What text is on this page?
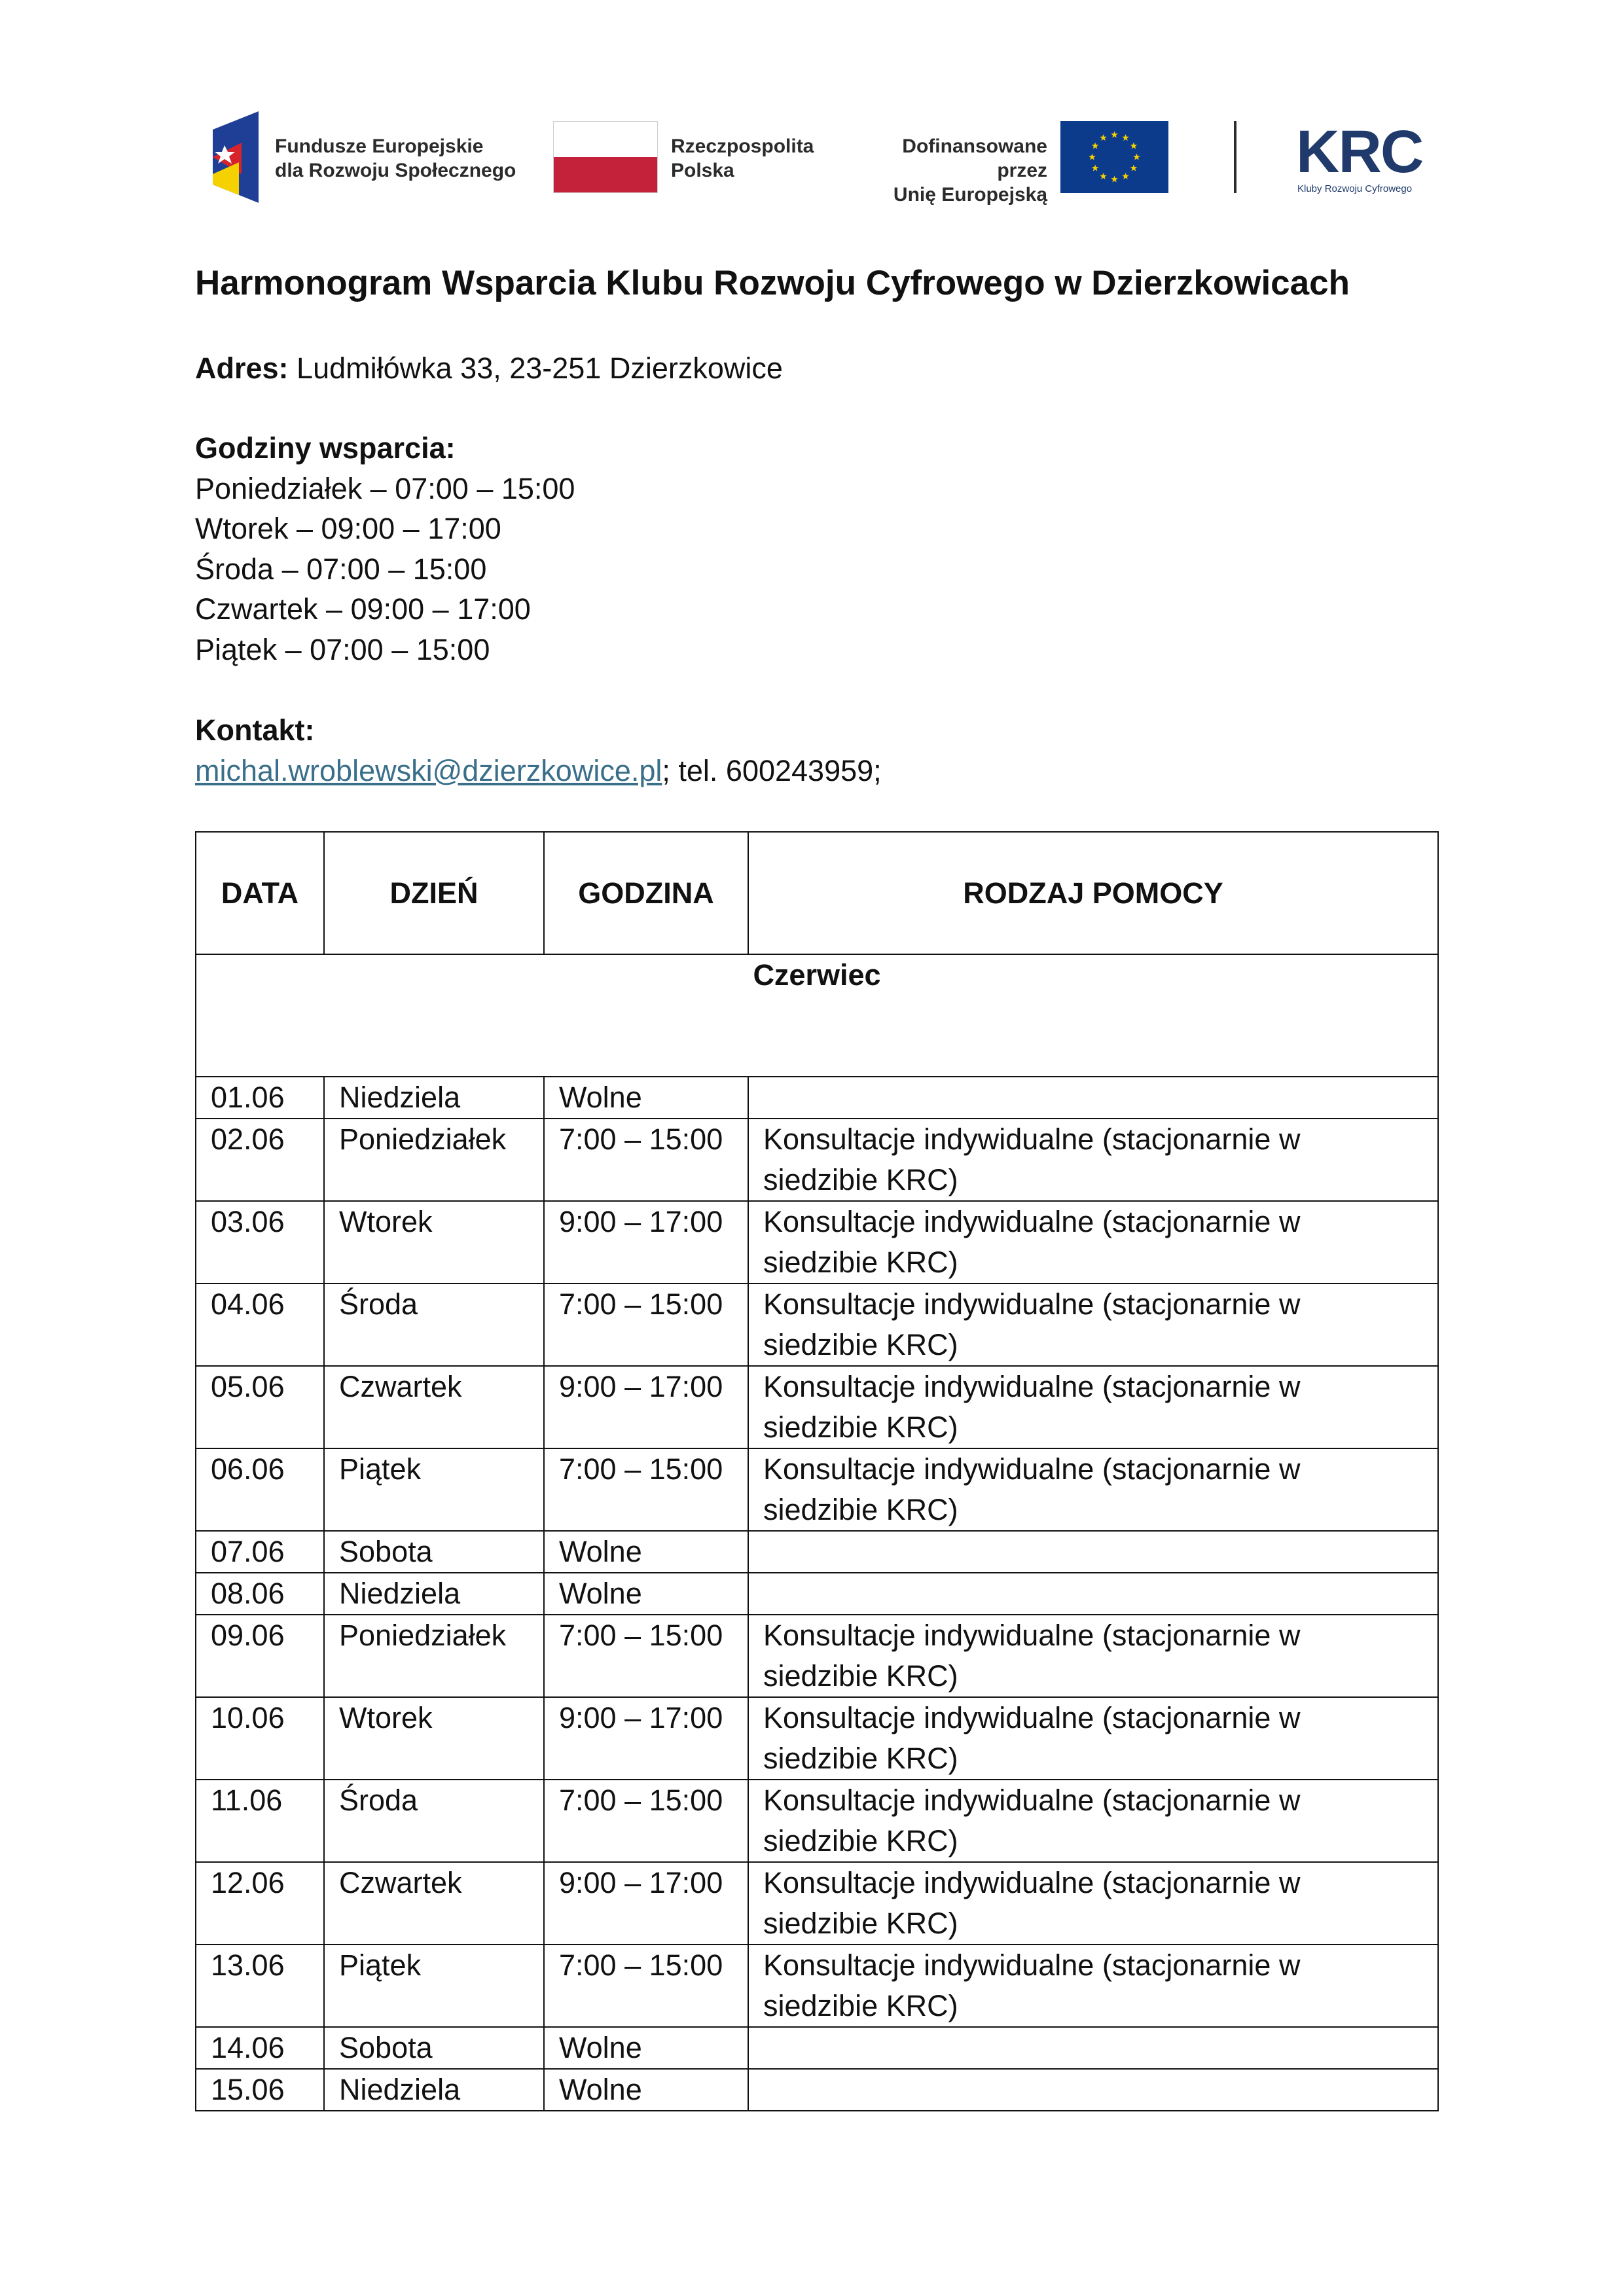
Fundusze Europejskie
dla Rozwoju Społecznego
Rzeczpospolita
Polska
Dofinansowane przez
Unię Europejską
KRC
Kluby Rozwoju Cyfrowego
Harmonogram Wsparcia Klubu Rozwoju Cyfrowego w Dzierzkowicach
Adres: Ludmiłówka 33, 23-251 Dzierzkowice
Godziny wsparcia:
Poniedziałek – 07:00 – 15:00
Wtorek – 09:00 – 17:00
Środa – 07:00 – 15:00
Czwartek – 09:00 – 17:00
Piątek – 07:00 – 15:00
Kontakt:
michal.wroblewski@dzierzkowice.pl; tel. 600243959;
DATA	DZIEŃ	GODZINA	RODZAJ POMOCY
Czerwiec			
01.06	Niedziela	Wolne	
02.06	Poniedziałek	7:00 – 15:00	Konsultacje indywidualne (stacjonarnie w siedzibie KRC)
03.06	Wtorek	9:00 – 17:00	Konsultacje indywidualne (stacjonarnie w siedzibie KRC)
04.06	Środa	7:00 – 15:00	Konsultacje indywidualne (stacjonarnie w siedzibie KRC)
05.06	Czwartek	9:00 – 17:00	Konsultacje indywidualne (stacjonarnie w siedzibie KRC)
06.06	Piątek	7:00 – 15:00	Konsultacje indywidualne (stacjonarnie w siedzibie KRC)
07.06	Sobota	Wolne	
08.06	Niedziela	Wolne	
09.06	Poniedziałek	7:00 – 15:00	Konsultacje indywidualne (stacjonarnie w siedzibie KRC)
10.06	Wtorek	9:00 – 17:00	Konsultacje indywidualne (stacjonarnie w siedzibie KRC)
11.06	Środa	7:00 – 15:00	Konsultacje indywidualne (stacjonarnie w siedzibie KRC)
12.06	Czwartek	9:00 – 17:00	Konsultacje indywidualne (stacjonarnie w siedzibie KRC)
13.06	Piątek	7:00 – 15:00	Konsultacje indywidualne (stacjonarnie w siedzibie KRC)
14.06	Sobota	Wolne	
15.06	Niedziela	Wolne	
